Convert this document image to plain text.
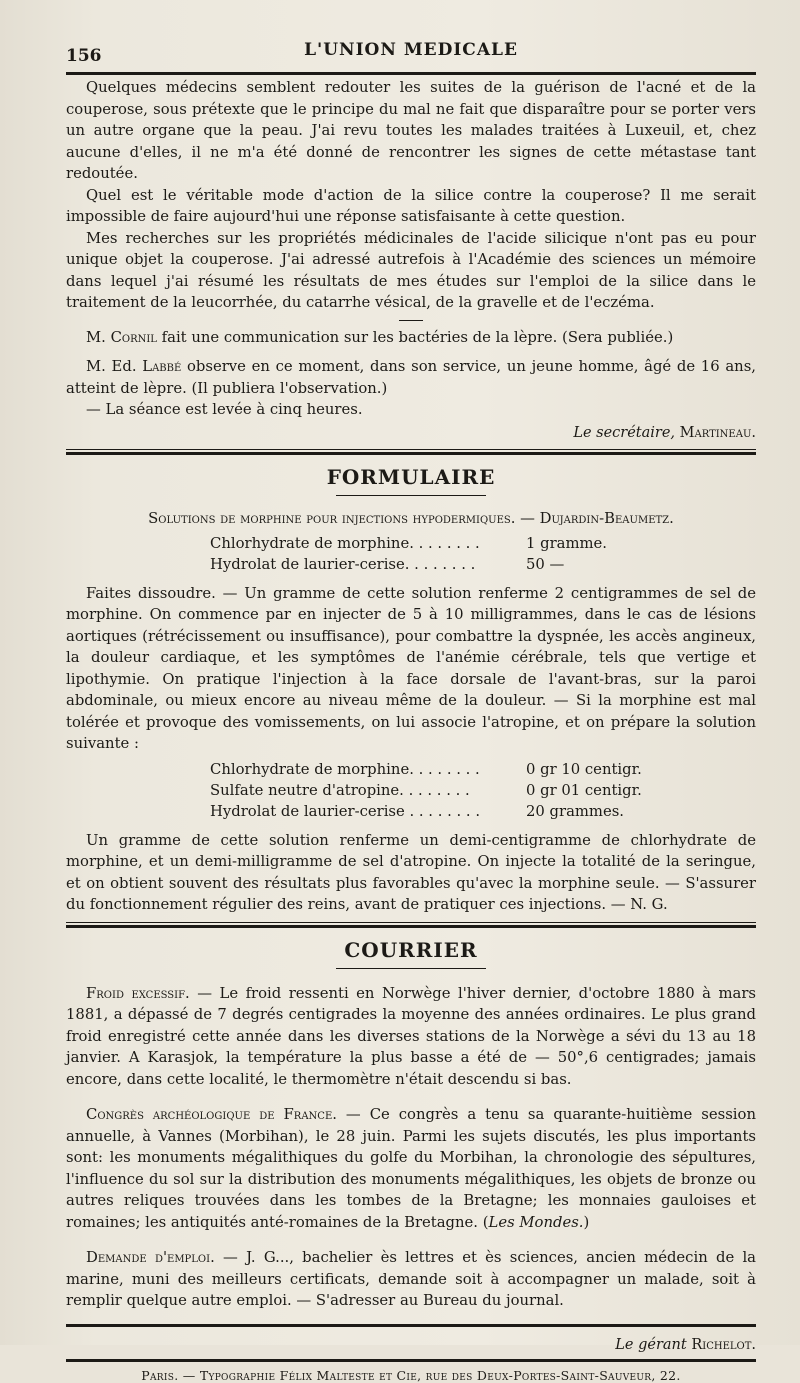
156	L'UNION MEDICALE

Quelques médecins semblent redouter les suites de la guérison de l'acné et de la couperose, sous prétexte que le principe du mal ne fait que disparaître pour se porter vers un autre organe que la peau. J'ai revu toutes les malades traitées à Luxeuil, et, chez aucune d'elles, il ne m'a été donné de rencontrer les signes de cette métastase tant redoutée.

Quel est le véritable mode d'action de la silice contre la couperose? Il me serait impossible de faire aujourd'hui une réponse satisfaisante à cette question.

Mes recherches sur les propriétés médicinales de l'acide silicique n'ont pas eu pour unique objet la couperose. J'ai adressé autrefois à l'Académie des sciences un mémoire dans lequel j'ai résumé les résultats de mes études sur l'emploi de la silice dans le traitement de la leucorrhée, du catarrhe vésical, de la gravelle et de l'eczéma.

M. Cornil fait une communication sur les bactéries de la lèpre. (Sera publiée.)

M. Ed. Labbé observe en ce moment, dans son service, un jeune homme, âgé de 16 ans, atteint de lèpre. (Il publiera l'observation.)

— La séance est levée à cinq heures.

Le secrétaire, Martineau.
FORMULAIRE
Solutions de morphine pour injections hypodermiques. — Dujardin-Beaumetz.
Chlorhydrate de morphine. . . . . . . .	1 gramme.
Hydrolat de laurier-cerise. . . . . . . .	50 —

Faites dissoudre. — Un gramme de cette solution renferme 2 centigrammes de sel de morphine. On commence par en injecter de 5 à 10 milligrammes, dans le cas de lésions aortiques (rétrécissement ou insuffisance), pour combattre la dyspnée, les accès angineux, la douleur cardiaque, et les symptômes de l'anémie cérébrale, tels que vertige et lipothymie. On pratique l'injection à la face dorsale de l'avant-bras, sur la paroi abdominale, ou mieux encore au niveau même de la douleur. — Si la morphine est mal tolérée et provoque des vomissements, on lui associe l'atropine, et on prépare la solution suivante :

Chlorhydrate de morphine. . . . . . . .	0 gr 10 centigr.
Sulfate neutre d'atropine. . . . . . . .	0 gr 01 centigr.
Hydrolat de laurier-cerise . . . . . . . .	20 grammes.

Un gramme de cette solution renferme un demi-centigramme de chlorhydrate de morphine, et un demi-milligramme de sel d'atropine. On injecte la totalité de la seringue, et on obtient souvent des résultats plus favorables qu'avec la morphine seule. — S'assurer du fonctionnement régulier des reins, avant de pratiquer ces injections. — N. G.

COURRIER

Froid excessif. — Le froid ressenti en Norwège l'hiver dernier, d'octobre 1880 à mars 1881, a dépassé de 7 degrés centigrades la moyenne des années ordinaires. Le plus grand froid enregistré cette année dans les diverses stations de la Norwège a sévi du 13 au 18 janvier. A Karasjok, la température la plus basse a été de — 50°,6 centigrades; jamais encore, dans cette localité, le thermomètre n'était descendu si bas.

Congrès archéologique de France. — Ce congrès a tenu sa quarante-huitième session annuelle, à Vannes (Morbihan), le 28 juin. Parmi les sujets discutés, les plus importants sont: les monuments mégalithiques du golfe du Morbihan, la chronologie des sépultures, l'influence du sol sur la distribution des monuments mégalithiques, les objets de bronze ou autres reliques trouvées dans les tombes de la Bretagne; les monnaies gauloises et romaines; les antiquités anté-romaines de la Bretagne. (Les Mondes.)

Demande d'emploi. — J. G..., bachelier ès lettres et ès sciences, ancien médecin de la marine, muni des meilleurs certificats, demande soit à accompagner un malade, soit à remplir quelque autre emploi. — S'adresser au Bureau du journal.

Le gérant Richelot.
Paris. — Typographie Félix Malteste et Cie, rue des Deux-Portes-Saint-Sauveur, 22.
